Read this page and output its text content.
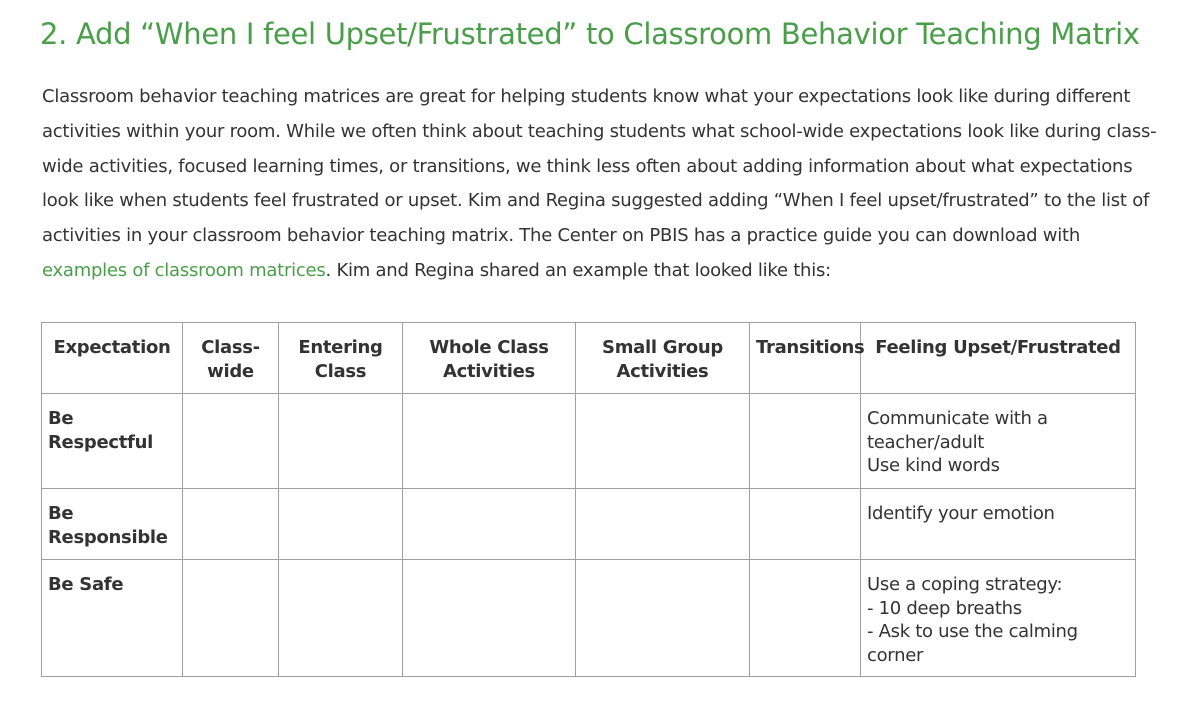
2. Add “When I feel Upset/Frustrated” to Classroom Behavior Teaching Matrix

Classroom behavior teaching matrices are great for helping students know what your expectations look like during different activities within your room. While we often think about teaching students what school-wide expectations look like during class-wide activities, focused learning times, or transitions, we think less often about adding information about what expectations look like when students feel frustrated or upset. Kim and Regina suggested adding “When I feel upset/frustrated” to the list of activities in your classroom behavior teaching matrix. The Center on PBIS has a practice guide you can download with examples of classroom matrices. Kim and Regina shared an example that looked like this:

Expectation	Class-wide	Entering Class	Whole Class Activities	Small Group Activities	Transitions	Feeling Upset/Frustrated
Be Respectful						Communicate with a teacher/adult
Use kind words

Be Responsible						Identify your emotion

Be Safe						Use a coping strategy:
- 10 deep breaths
- Ask to use the calming corner
